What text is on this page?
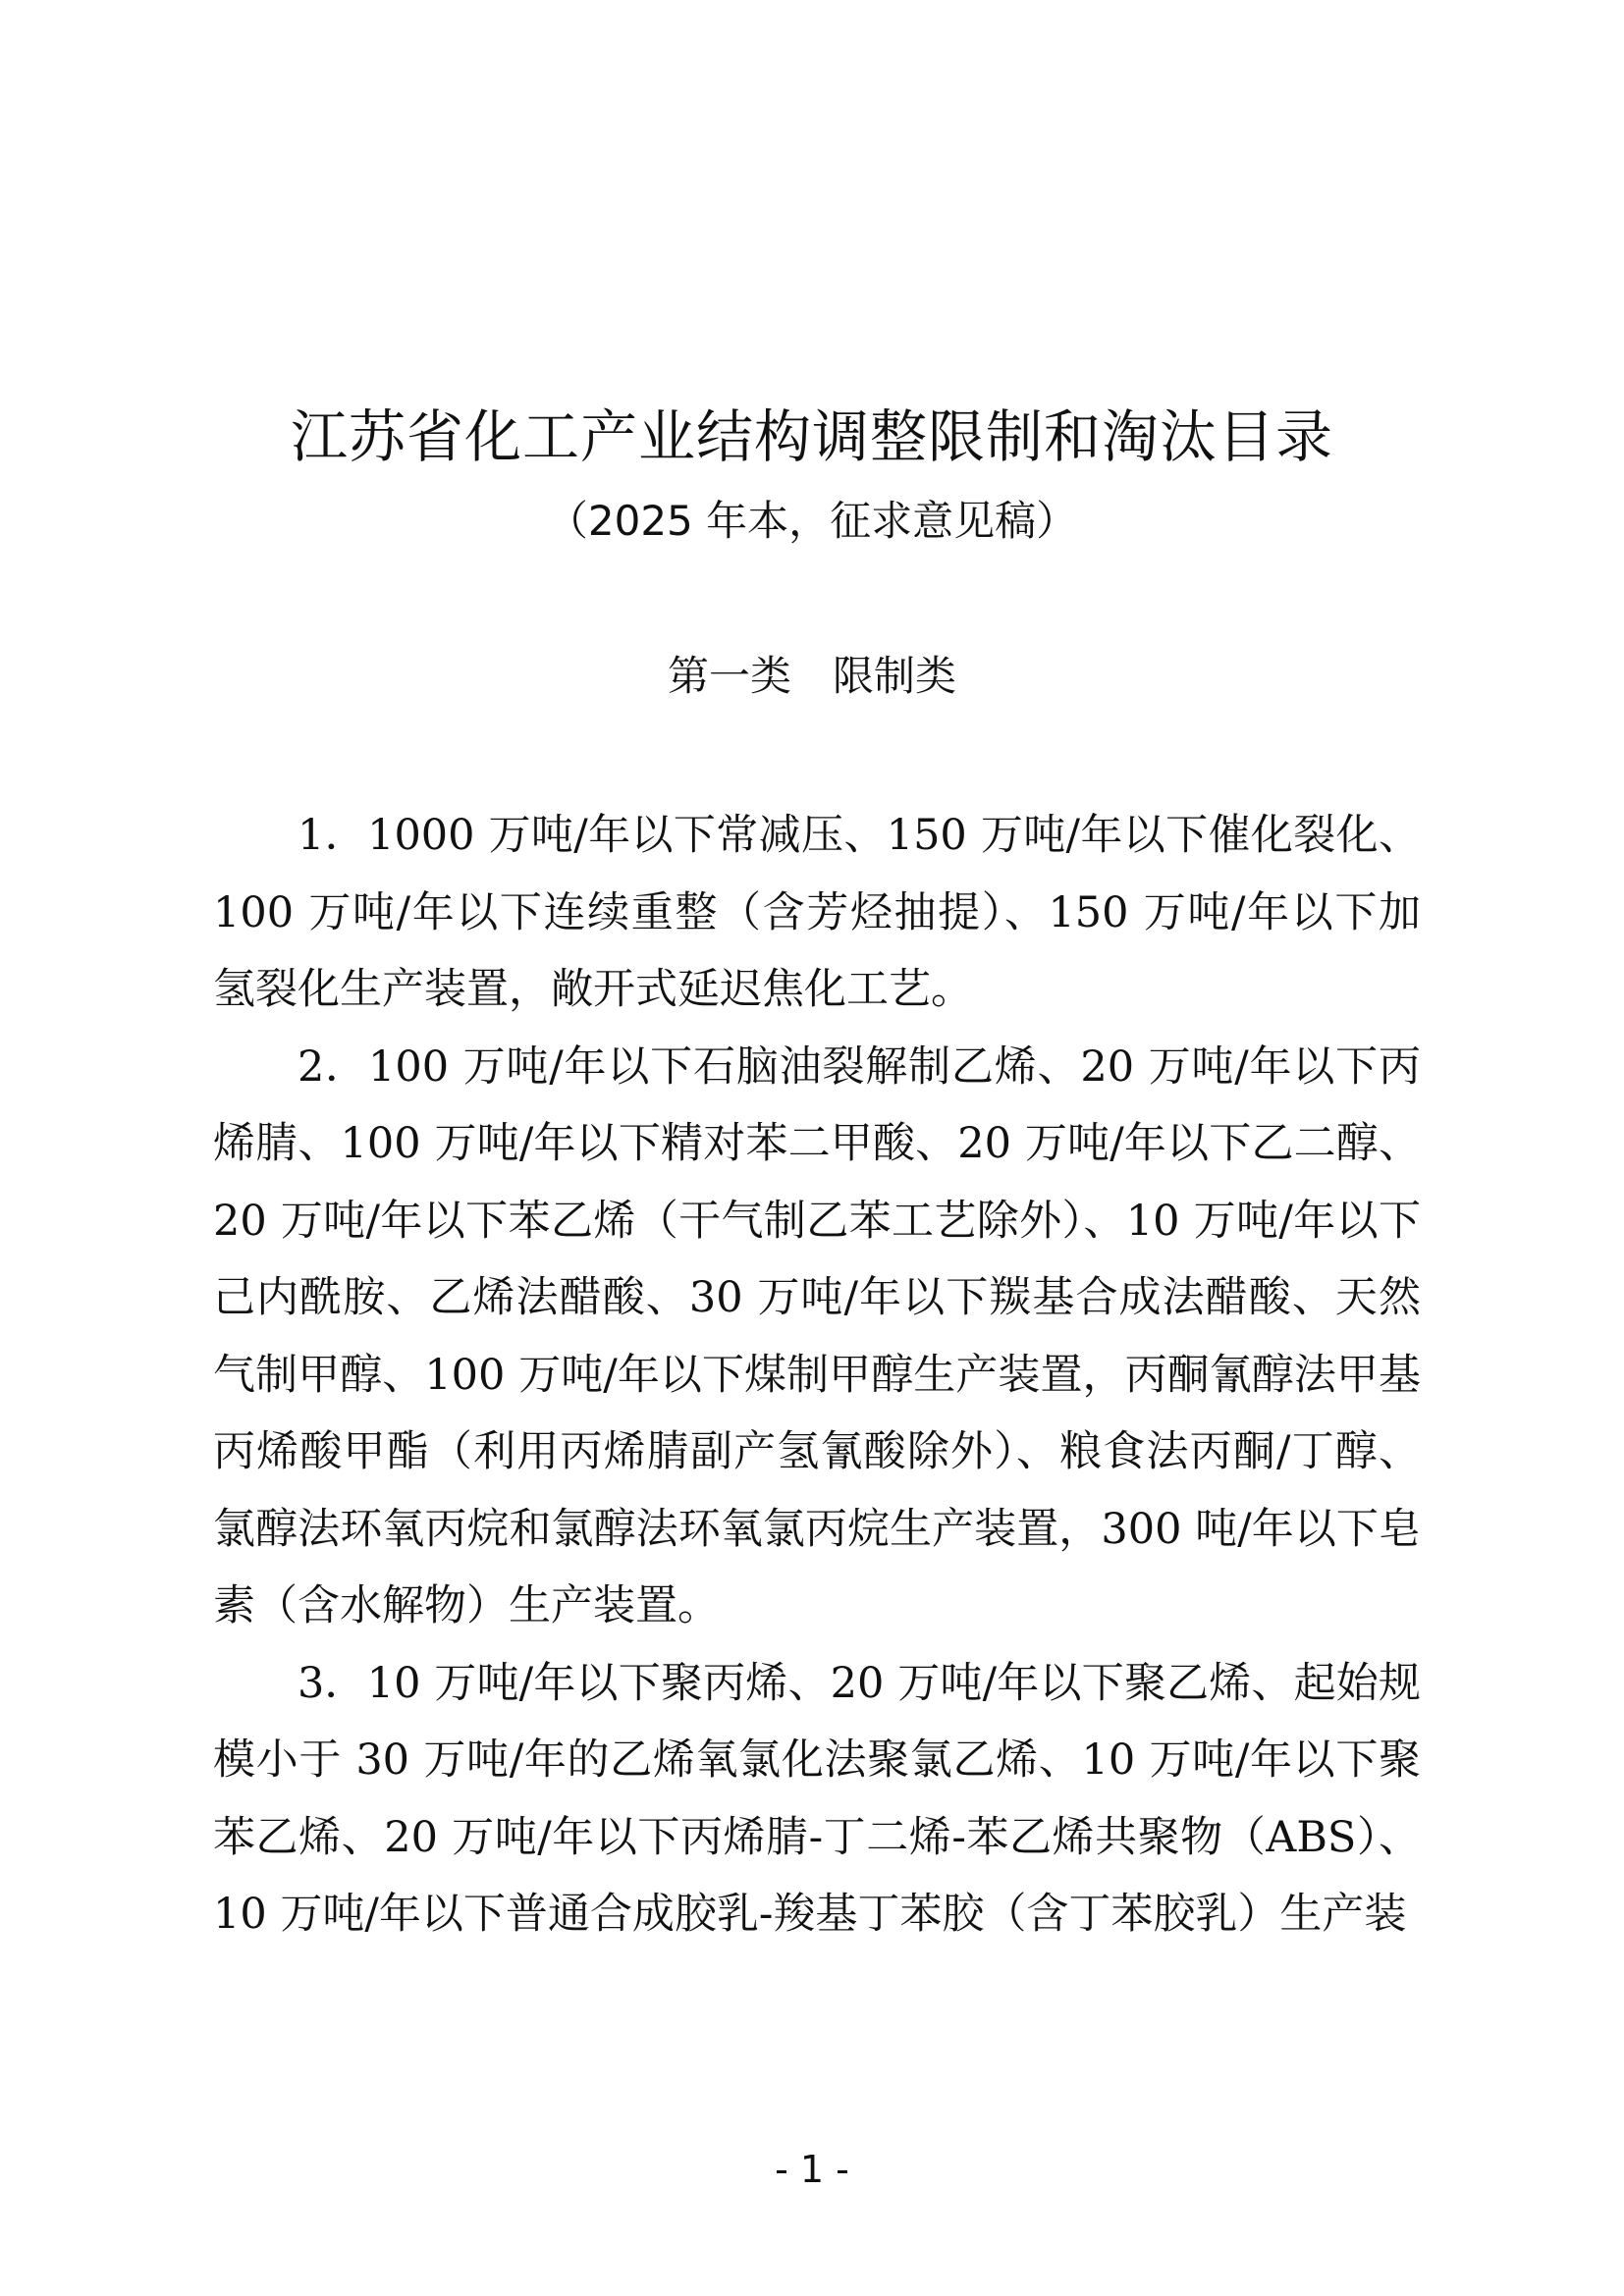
江苏省化工产业结构调整限制和淘汰目录

（2025 年本，征求意见稿）

第一类　限制类

1．1000 万吨/年以下常减压、150 万吨/年以下催化裂化、100 万吨/年以下连续重整（含芳烃抽提）、150 万吨/年以下加氢裂化生产装置，敞开式延迟焦化工艺。

2．100 万吨/年以下石脑油裂解制乙烯、20 万吨/年以下丙烯腈、100 万吨/年以下精对苯二甲酸、20 万吨/年以下乙二醇、20 万吨/年以下苯乙烯（干气制乙苯工艺除外）、10 万吨/年以下己内酰胺、乙烯法醋酸、30 万吨/年以下羰基合成法醋酸、天然气制甲醇、100 万吨/年以下煤制甲醇生产装置，丙酮氰醇法甲基丙烯酸甲酯（利用丙烯腈副产氢氰酸除外）、粮食法丙酮/丁醇、氯醇法环氧丙烷和氯醇法环氧氯丙烷生产装置，300 吨/年以下皂素（含水解物）生产装置。

3．10 万吨/年以下聚丙烯、20 万吨/年以下聚乙烯、起始规模小于 30 万吨/年的乙烯氧氯化法聚氯乙烯、10 万吨/年以下聚苯乙烯、20 万吨/年以下丙烯腈-丁二烯-苯乙烯共聚物（ABS）、10 万吨/年以下普通合成胶乳-羧基丁苯胶（含丁苯胶乳）生产装

- 1 -
